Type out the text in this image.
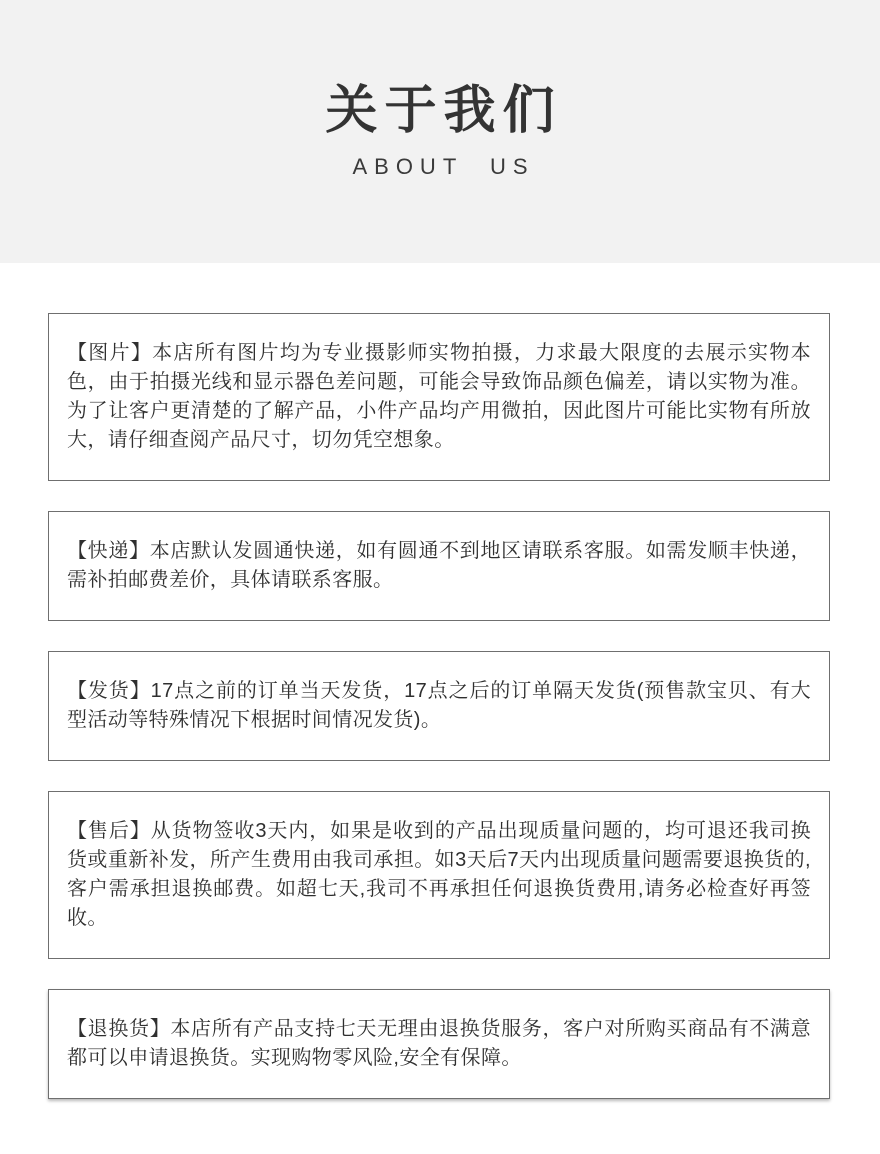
关于我们
ABOUT US
【图片】本店所有图片均为专业摄影师实物拍摄，力求最大限度的去展示实物本色，由于拍摄光线和显示器色差问题，可能会导致饰品颜色偏差，请以实物为准。为了让客户更清楚的了解产品，小件产品均产用微拍，因此图片可能比实物有所放大，请仔细查阅产品尺寸，切勿凭空想象。
【快递】本店默认发圆通快递，如有圆通不到地区请联系客服。如需发顺丰快递，需补拍邮费差价，具体请联系客服。
【发货】17点之前的订单当天发货，17点之后的订单隔天发货(预售款宝贝、有大型活动等特殊情况下根据时间情况发货)。
【售后】从货物签收3天内，如果是收到的产品出现质量问题的，均可退还我司换货或重新补发，所产生费用由我司承担。如3天后7天内出现质量问题需要退换货的,客户需承担退换邮费。如超七天,我司不再承担任何退换货费用,请务必检查好再签收。
【退换货】本店所有产品支持七天无理由退换货服务，客户对所购买商品有不满意都可以申请退换货。实现购物零风险,安全有保障。
